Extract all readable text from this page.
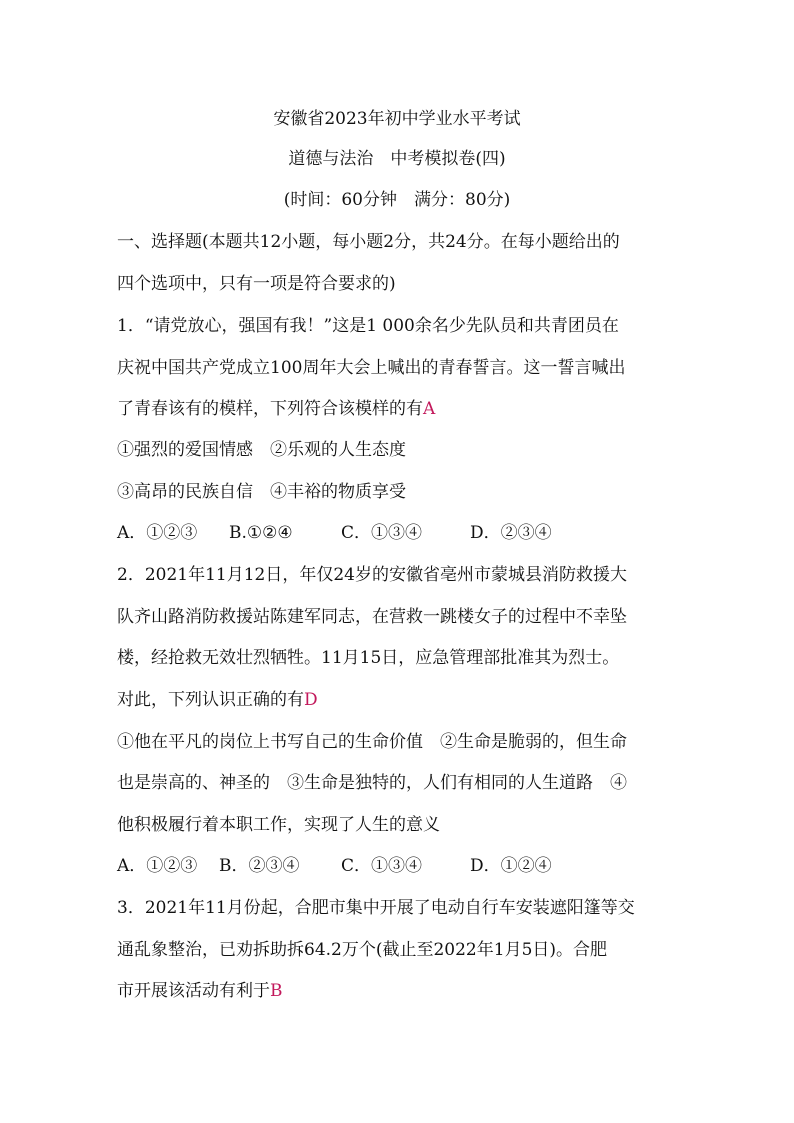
安徽省2023年初中学业水平考试
道德与法治　中考模拟卷(四)
(时间：60分钟　满分：80分)
一、选择题(本题共12小题，每小题2分，共24分。在每小题给出的
四个选项中，只有一项是符合要求的)
1．“请党放心，强国有我！”这是1 000余名少先队员和共青团员在
庆祝中国共产党成立100周年大会上喊出的青春誓言。这一誓言喊出
了青春该有的模样，下列符合该模样的有A
①强烈的爱国情感　②乐观的人生态度
③高昂的民族自信　④丰裕的物质享受
A．①②③ B.①②④	C．①③④	D．②③④
2．2021年11月12日，年仅24岁的安徽省亳州市蒙城县消防救援大
队齐山路消防救援站陈建军同志，在营救一跳楼女子的过程中不幸坠
楼，经抢救无效壮烈牺牲。11月15日，应急管理部批准其为烈士。
对此，下列认识正确的有D
①他在平凡的岗位上书写自己的生命价值　②生命是脆弱的，但生命
也是崇高的、神圣的　③生命是独特的，人们有相同的人生道路　④
他积极履行着本职工作，实现了人生的意义
A．①②③ B．②③④ C．①③④	D．①②④
3．2021年11月份起，合肥市集中开展了电动自行车安装遮阳篷等交
通乱象整治，已劝拆助拆64.2万个(截止至2022年1月5日)。合肥
市开展该活动有利于B
